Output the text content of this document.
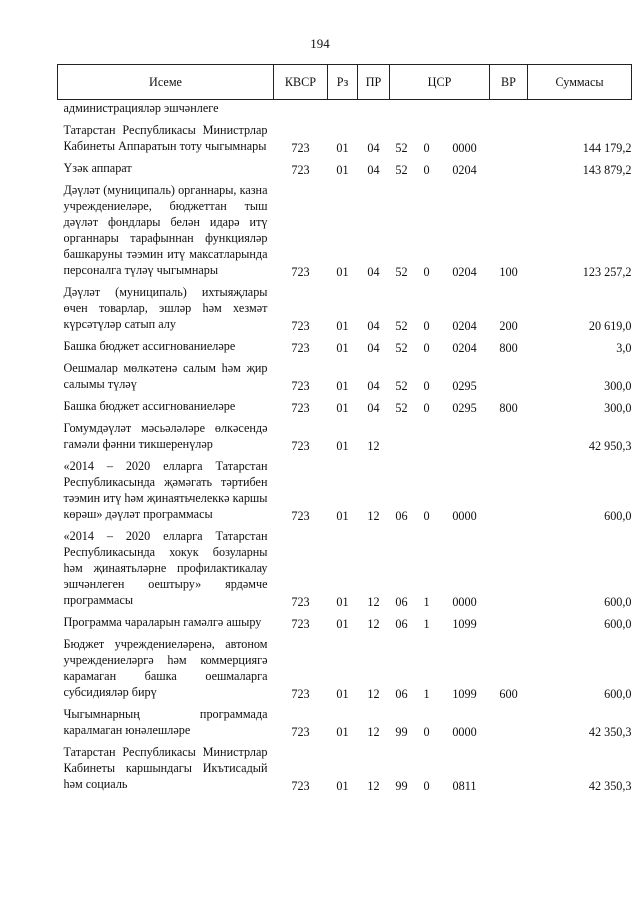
194
Исеме	КВСР	Рз	ПР	ЦСР			ВР	Суммасы
администрацияләр эшчәнлеге								
Татарстан Республикасы Министрлар Кабинеты Аппаратын тоту чыгымнары	723	01	04	52	0	0000		144 179,2
Үзәк аппарат	723	01	04	52	0	0204		143 879,2
Дәүләт (муниципаль) органнары, казна учреждениеләре, бюджеттан тыш дәүләт фондлары белән идарә итү органнары тарафыннан функцияләр башкаруны тәэмин итү максатларында персоналга түләү чыгымнары	723	01	04	52	0	0204	100	123 257,2
Дәүләт (муниципаль) ихтыяҗлары өчен товарлар, эшләр һәм хезмәт күрсәтүләр сатып алу	723	01	04	52	0	0204	200	20 619,0
Башка бюджет ассигнованиеләре	723	01	04	52	0	0204	800	3,0
Оешмалар мөлкәтенә салым һәм җир салымы түләү	723	01	04	52	0	0295		300,0
Башка бюджет ассигнованиеләре	723	01	04	52	0	0295	800	300,0
Гомумдәүләт мәсьәләләре өлкәсендә гамәли фәнни тикшеренүләр	723	01	12					42 950,3
«2014 – 2020 елларга Татарстан Республикасында җәмәгать тәртибен тәэмин итү һәм җинаятьчелеккә каршы көрәш» дәүләт программасы	723	01	12	06	0	0000		600,0
«2014 – 2020 елларга Татарстан Республикасында хокук бозуларны һәм җинаятьләрне профилактикалау эшчәнлеген оештыру» ярдәмче программасы	723	01	12	06	1	0000		600,0
Программа чараларын гамәлгә ашыру	723	01	12	06	1	1099		600,0
Бюджет учреждениеләренә, автоном учреждениеләргә һәм коммерциягә карамаган башка оешмаларга субсидияләр бирү	723	01	12	06	1	1099	600	600,0
Чыгымнарның программада каралмаган юнәлешләре	723	01	12	99	0	0000		42 350,3
Татарстан Республикасы Министрлар Кабинеты каршындагы Икътисадый һәм социаль	723	01	12	99	0	0811		42 350,3
